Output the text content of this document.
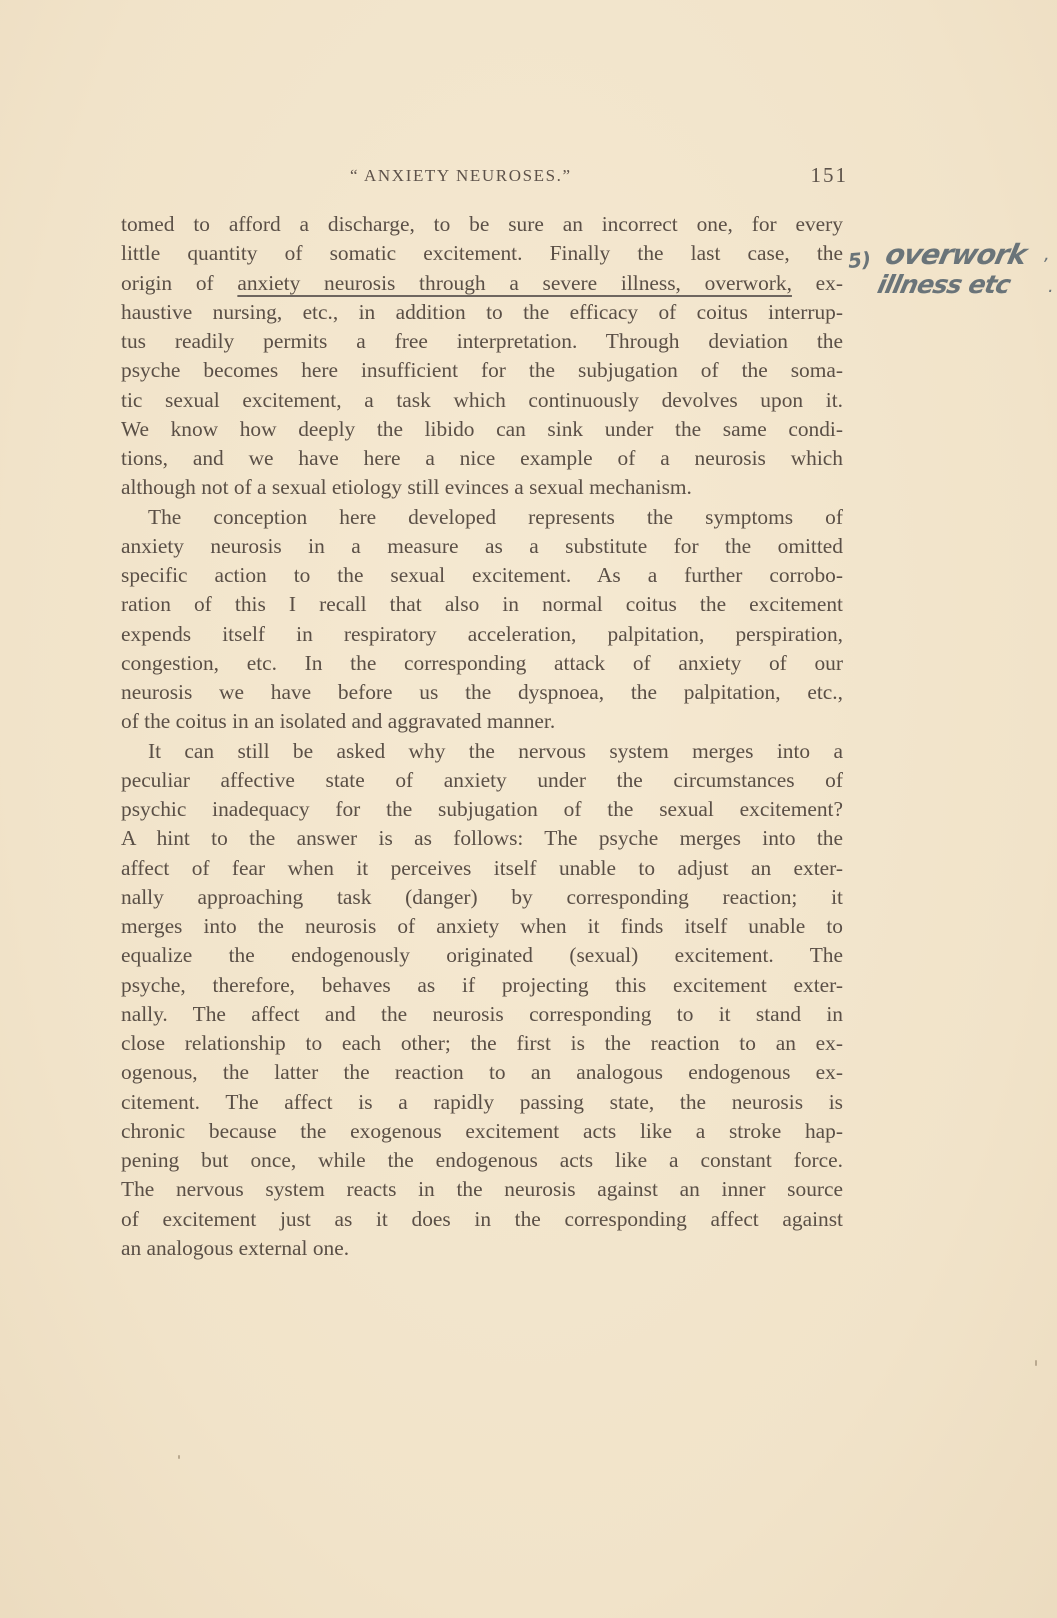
“ ANXIETY NEUROSES.”	151
tomed to afford a discharge, to be sure an incorrect one, for every
little quantity of somatic excitement. Finally the last case, the
origin of anxiety neurosis through a severe illness, overwork, ex-
haustive nursing, etc., in addition to the efficacy of coitus interrup-
tus readily permits a free interpretation. Through deviation the
psyche becomes here insufficient for the subjugation of the soma-
tic sexual excitement, a task which continuously devolves upon it.
We know how deeply the libido can sink under the same condi-
tions, and we have here a nice example of a neurosis which
although not of a sexual etiology still evinces a sexual mechanism.
The conception here developed represents the symptoms of
anxiety neurosis in a measure as a substitute for the omitted
specific action to the sexual excitement. As a further corrobo-
ration of this I recall that also in normal coitus the excitement
expends itself in respiratory acceleration, palpitation, perspiration,
congestion, etc. In the corresponding attack of anxiety of our
neurosis we have before us the dyspnoea, the palpitation, etc.,
of the coitus in an isolated and aggravated manner.
It can still be asked why the nervous system merges into a
peculiar affective state of anxiety under the circumstances of
psychic inadequacy for the subjugation of the sexual excitement?
A hint to the answer is as follows: The psyche merges into the
affect of fear when it perceives itself unable to adjust an exter-
nally approaching task (danger) by corresponding reaction; it
merges into the neurosis of anxiety when it finds itself unable to
equalize the endogenously originated (sexual) excitement. The
psyche, therefore, behaves as if projecting this excitement exter-
nally. The affect and the neurosis corresponding to it stand in
close relationship to each other; the first is the reaction to an ex-
ogenous, the latter the reaction to an analogous endogenous ex-
citement. The affect is a rapidly passing state, the neurosis is
chronic because the exogenous excitement acts like a stroke hap-
pening but once, while the endogenous acts like a constant force.
The nervous system reacts in the neurosis against an inner source
of excitement just as it does in the corresponding affect against
an analogous external one.
5) overwork ,
illness etc .
